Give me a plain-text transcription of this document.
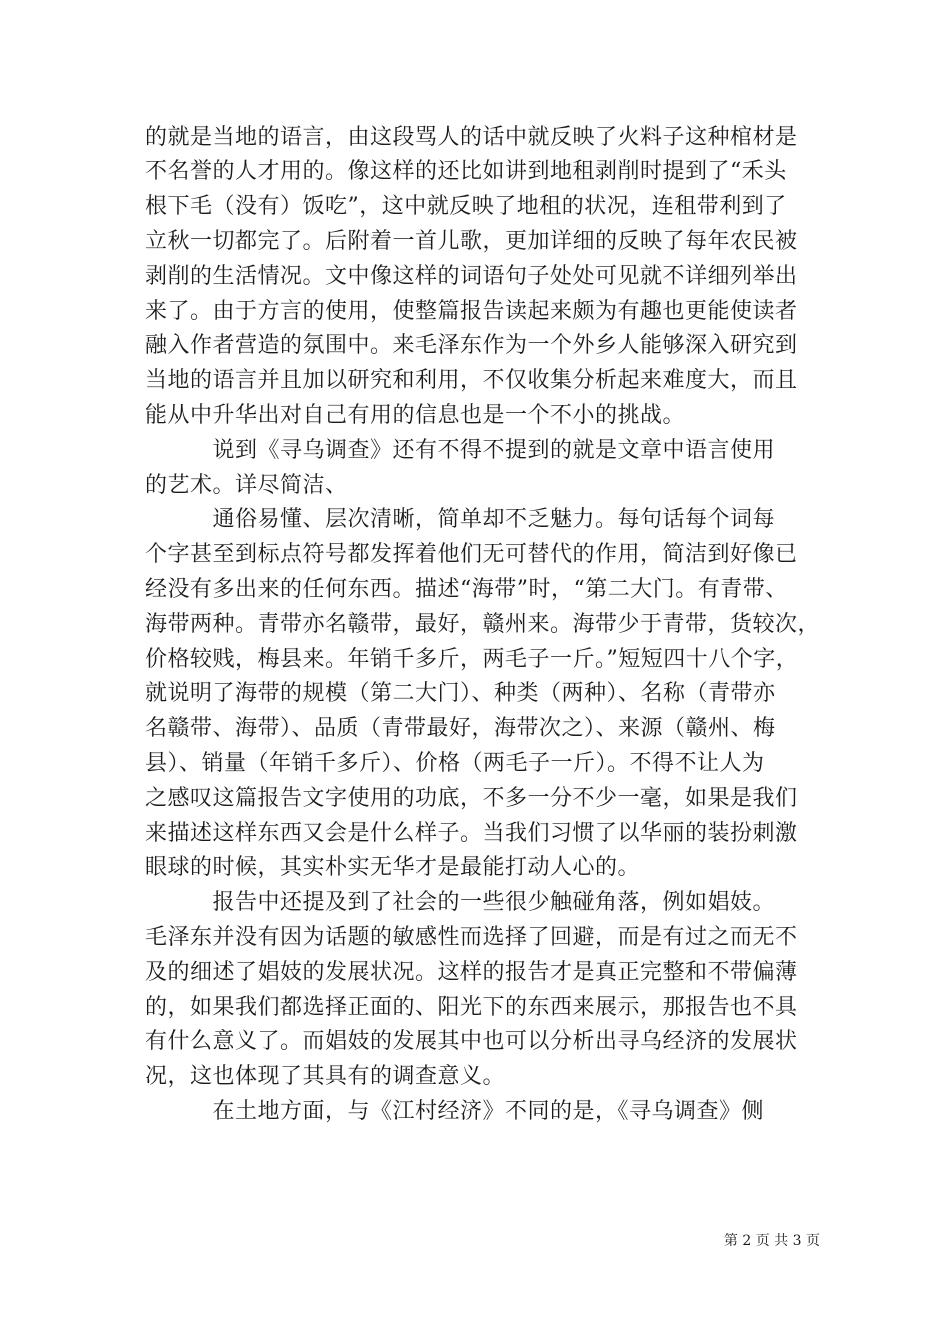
的就是当地的语言，由这段骂人的话中就反映了火料子这种棺材是
不名誉的人才用的。像这样的还比如讲到地租剥削时提到了“禾头
根下毛（没有）饭吃”，这中就反映了地租的状况，连租带利到了
立秋一切都完了。后附着一首儿歌，更加详细的反映了每年农民被
剥削的生活情况。文中像这样的词语句子处处可见就不详细列举出
来了。由于方言的使用，使整篇报告读起来颇为有趣也更能使读者
融入作者营造的氛围中。来毛泽东作为一个外乡人能够深入研究到
当地的语言并且加以研究和利用，不仅收集分析起来难度大，而且
能从中升华出对自己有用的信息也是一个不小的挑战。
　　　说到《寻乌调查》还有不得不提到的就是文章中语言使用
的艺术。详尽简洁、
　　　通俗易懂、层次清晰，简单却不乏魅力。每句话每个词每
个字甚至到标点符号都发挥着他们无可替代的作用，简洁到好像已
经没有多出来的任何东西。描述“海带”时，“第二大门。有青带、
海带两种。青带亦名赣带，最好，赣州来。海带少于青带，货较次，
价格较贱，梅县来。年销千多斤，两毛子一斤。”短短四十八个字，
就说明了海带的规模（第二大门）、种类（两种）、名称（青带亦
名赣带、海带）、品质（青带最好，海带次之）、来源（赣州、梅
县）、销量（年销千多斤）、价格（两毛子一斤）。不得不让人为
之感叹这篇报告文字使用的功底，不多一分不少一毫，如果是我们
来描述这样东西又会是什么样子。当我们习惯了以华丽的装扮刺激
眼球的时候，其实朴实无华才是最能打动人心的。
　　　报告中还提及到了社会的一些很少触碰角落，例如娼妓。
毛泽东并没有因为话题的敏感性而选择了回避，而是有过之而无不
及的细述了娼妓的发展状况。这样的报告才是真正完整和不带偏薄
的，如果我们都选择正面的、阳光下的东西来展示，那报告也不具
有什么意义了。而娼妓的发展其中也可以分析出寻乌经济的发展状
况，这也体现了其具有的调查意义。
　　　在土地方面，与《江村经济》不同的是，《寻乌调查》侧
第 2 页 共 3 页
